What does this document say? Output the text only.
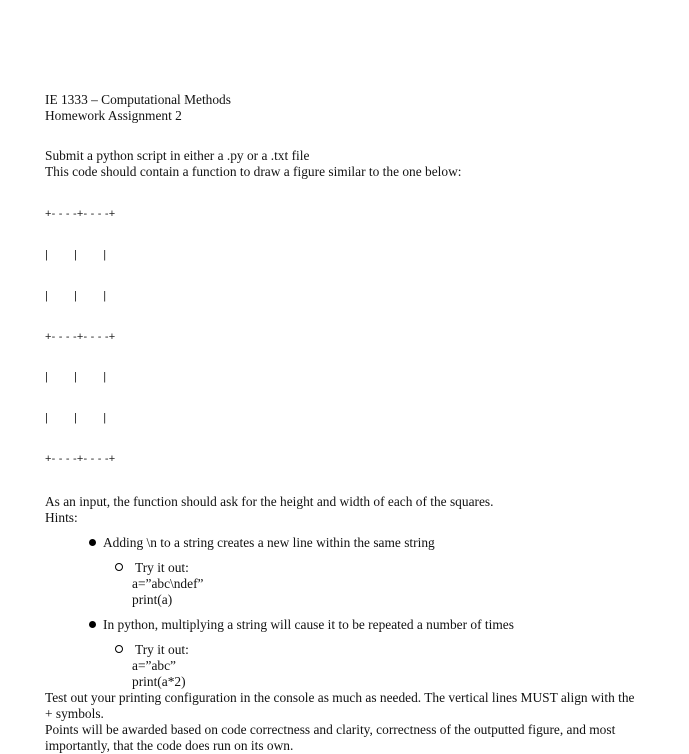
IE 1333 – Computational Methods
Homework Assignment 2
Submit a python script in either a .py or a .txt file
This code should contain a function to draw a figure similar to the one below:

+- - - -+- - - -+

|        |        |

|        |        |

+- - - -+- - - -+

|        |        |

|        |        |

+- - - -+- - - -+

As an input, the function should ask for the height and width of each of the squares.
Hints:
Adding \n to a string creates a new line within the same string
Try it out:
a=”abc\ndef”
print(a)
In python, multiplying a string will cause it to be repeated a number of times
Try it out:
a=”abc”
print(a*2)
Test out your printing configuration in the console as much as needed. The vertical lines MUST align with the + symbols.
Points will be awarded based on code correctness and clarity, correctness of the outputted figure, and most importantly, that the code does run on its own.
